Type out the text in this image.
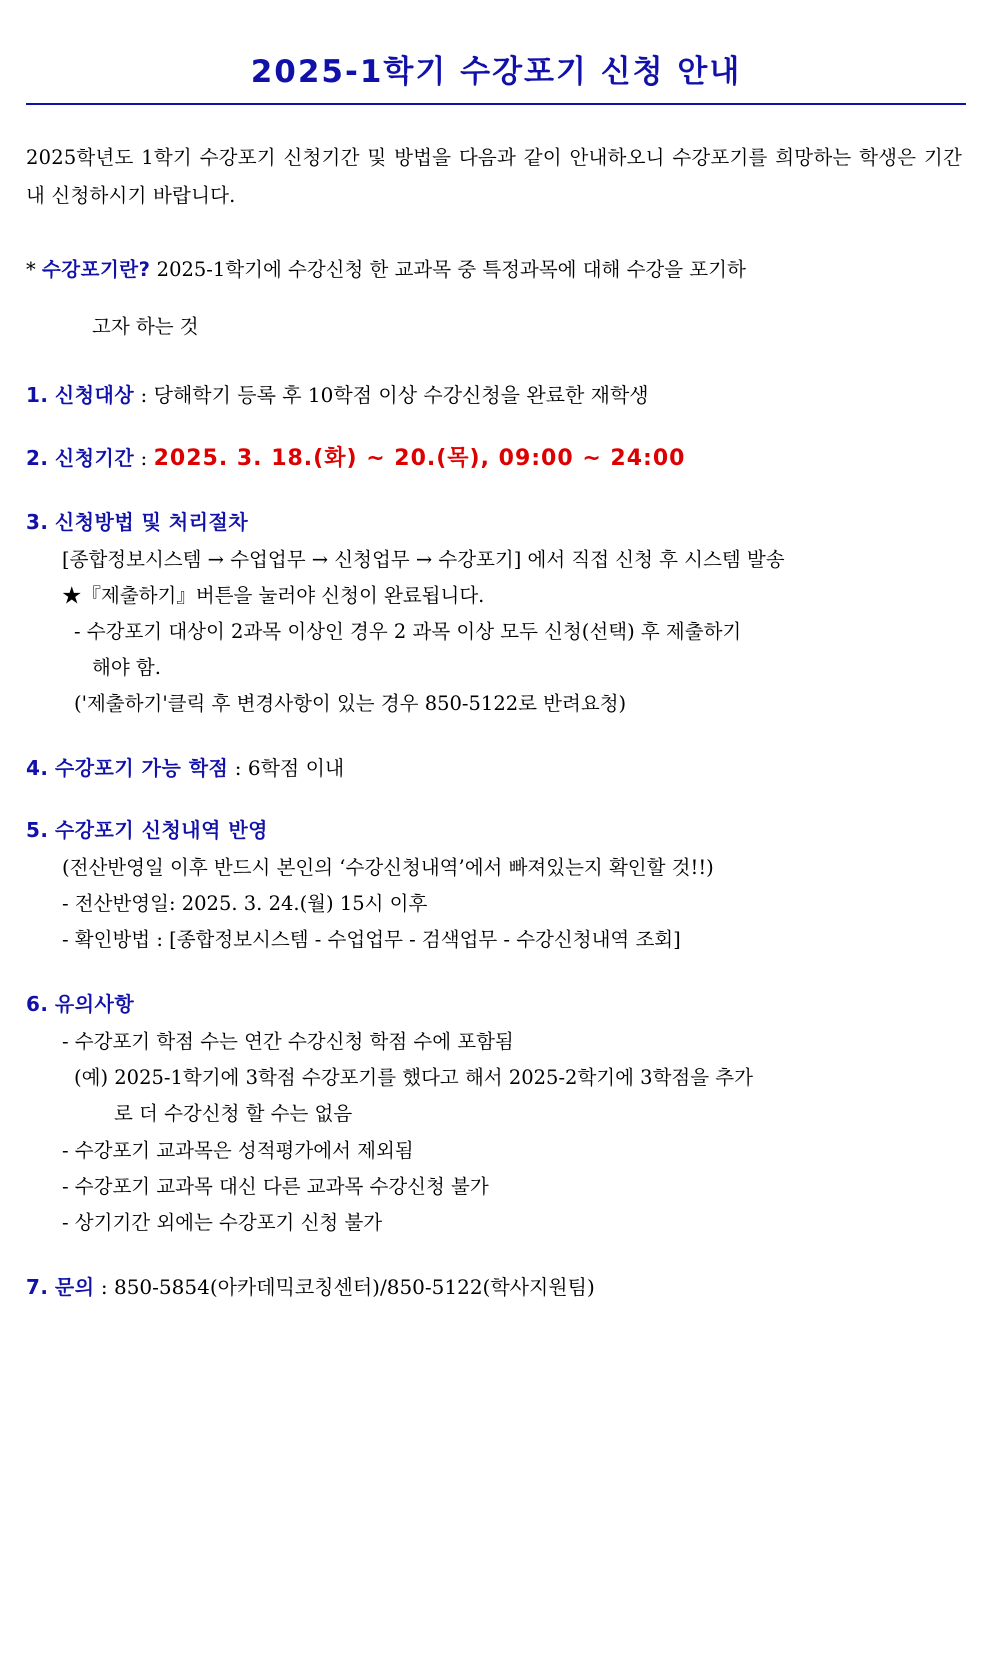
2025-1학기 수강포기 신청 안내

2025학년도 1학기 수강포기 신청기간 및 방법을 다음과 같이 안내하오니 수강포기를 희망하는 학생은 기간 내 신청하시기 바랍니다.

* 수강포기란? 2025-1학기에 수강신청 한 교과목 중 특정과목에 대해 수강을 포기하

고자 하는 것

1. 신청대상 : 당해학기 등록 후 10학점 이상 수강신청을 완료한 재학생

2. 신청기간 : 2025. 3. 18.(화) ~ 20.(목), 09:00 ~ 24:00

3. 신청방법 및 처리절차

[종합정보시스템 → 수업업무 → 신청업무 → 수강포기] 에서 직접 신청 후 시스템 발송

★『제출하기』버튼을 눌러야 신청이 완료됩니다.

- 수강포기 대상이 2과목 이상인 경우 2 과목 이상 모두 신청(선택) 후 제출하기

해야 함.

('제출하기'클릭 후 변경사항이 있는 경우 850-5122로 반려요청)

4. 수강포기 가능 학점 : 6학점 이내

5. 수강포기 신청내역 반영

(전산반영일 이후 반드시 본인의 ‘수강신청내역’에서 빠져있는지 확인할 것!!)

- 전산반영일: 2025. 3. 24.(월) 15시 이후

- 확인방법 : [종합정보시스템 - 수업업무 - 검색업무 - 수강신청내역 조회]

6. 유의사항

- 수강포기 학점 수는 연간 수강신청 학점 수에 포함됨

(예) 2025-1학기에 3학점 수강포기를 했다고 해서 2025-2학기에 3학점을 추가

로 더 수강신청 할 수는 없음

- 수강포기 교과목은 성적평가에서 제외됨

- 수강포기 교과목 대신 다른 교과목 수강신청 불가

- 상기기간 외에는 수강포기 신청 불가

7. 문의 : 850-5854(아카데믹코칭센터)/850-5122(학사지원팀)
